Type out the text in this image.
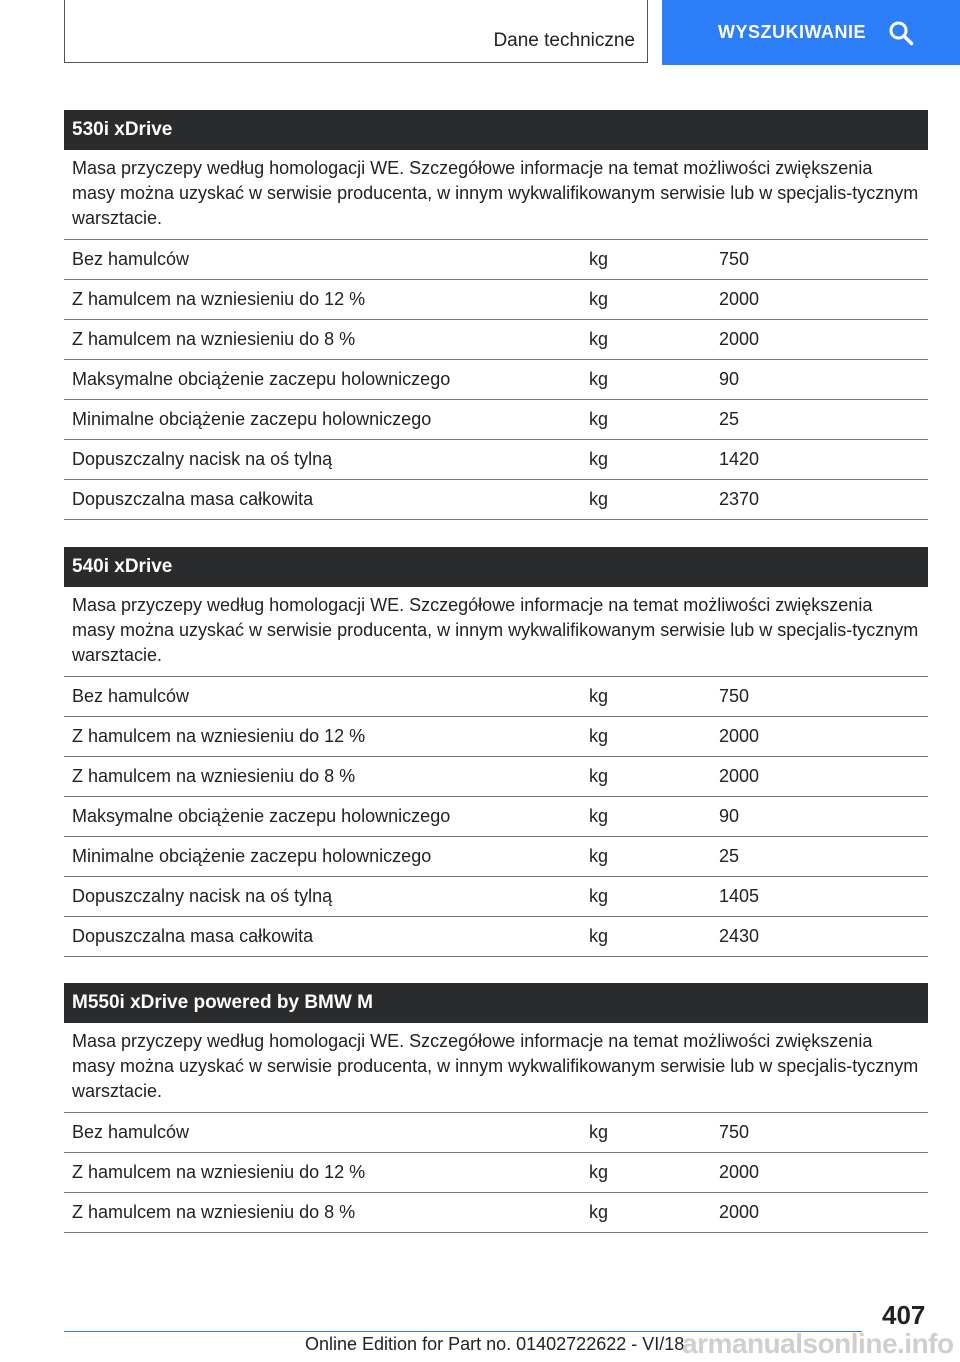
Dane techniczne	WYSZUKIWANIE
530i xDrive
Masa przyczepy według homologacji WE. Szczegółowe informacje na temat możliwości zwiększenia masy można uzyskać w serwisie producenta, w innym wykwalifikowanym serwisie lub w specjalis-tycznym warsztacie.
Bez hamulców	kg	750
Z hamulcem na wzniesieniu do 12 %	kg	2000
Z hamulcem na wzniesieniu do 8 %	kg	2000
Maksymalne obciążenie zaczepu holowniczego	kg	90
Minimalne obciążenie zaczepu holowniczego	kg	25
Dopuszczalny nacisk na oś tylną	kg	1420
Dopuszczalna masa całkowita	kg	2370
540i xDrive
Masa przyczepy według homologacji WE. Szczegółowe informacje na temat możliwości zwiększenia masy można uzyskać w serwisie producenta, w innym wykwalifikowanym serwisie lub w specjalis-tycznym warsztacie.
Bez hamulców	kg	750
Z hamulcem na wzniesieniu do 12 %	kg	2000
Z hamulcem na wzniesieniu do 8 %	kg	2000
Maksymalne obciążenie zaczepu holowniczego	kg	90
Minimalne obciążenie zaczepu holowniczego	kg	25
Dopuszczalny nacisk na oś tylną	kg	1405
Dopuszczalna masa całkowita	kg	2430
M550i xDrive powered by BMW M
Masa przyczepy według homologacji WE. Szczegółowe informacje na temat możliwości zwiększenia masy można uzyskać w serwisie producenta, w innym wykwalifikowanym serwisie lub w specjalis-tycznym warsztacie.
Bez hamulców	kg	750
Z hamulcem na wzniesieniu do 12 %	kg	2000
Z hamulcem na wzniesieniu do 8 %	kg	2000
407
Online Edition for Part no. 01402722622 - VI/18
armanualsonline.info
